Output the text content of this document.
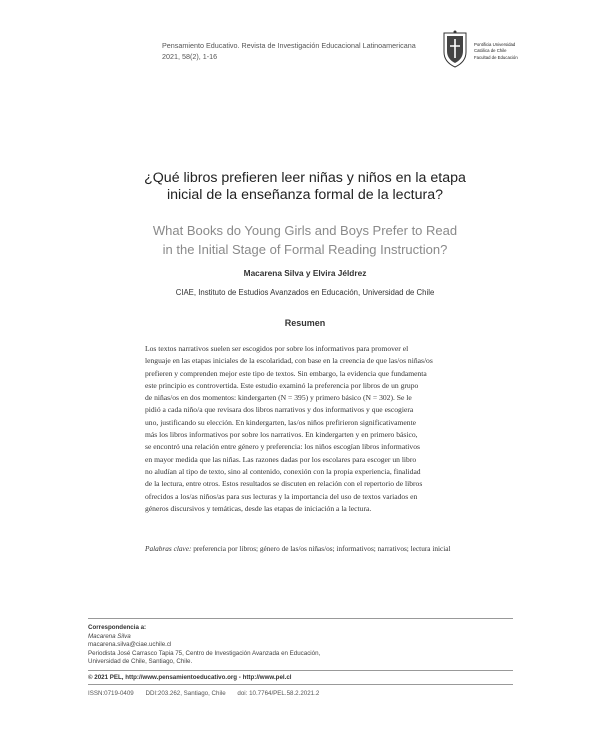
Pensamiento Educativo. Revista de Investigación Educacional Latinoamericana
2021, 58(2), 1-16
Pontificia Universidad
Católica de Chile
Facultad de Educación
¿Qué libros prefieren leer niñas y niños en la etapa
inicial de la enseñanza formal de la lectura?
What Books do Young Girls and Boys Prefer to Read
in the Initial Stage of Formal Reading Instruction?
Macarena Silva y Elvira Jéldrez
CIAE, Instituto de Estudios Avanzados en Educación, Universidad de Chile
Resumen
Los textos narrativos suelen ser escogidos por sobre los informativos para promover el
lenguaje en las etapas iniciales de la escolaridad, con base en la creencia de que las/os niñas/os
prefieren y comprenden mejor este tipo de textos. Sin embargo, la evidencia que fundamenta
este principio es controvertida. Este estudio examinó la preferencia por libros de un grupo
de niñas/os en dos momentos: kindergarten (N = 395) y primero básico (N = 302). Se le
pidió a cada niño/a que revisara dos libros narrativos y dos informativos y que escogiera
uno, justificando su elección. En kindergarten, las/os niños prefirieron significativamente
más los libros informativos por sobre los narrativos. En kindergarten y en primero básico,
se encontró una relación entre género y preferencia: los niños escogían libros informativos
en mayor medida que las niñas. Las razones dadas por los escolares para escoger un libro
no aludían al tipo de texto, sino al contenido, conexión con la propia experiencia, finalidad
de la lectura, entre otros. Estos resultados se discuten en relación con el repertorio de libros
ofrecidos a los/as niños/as para sus lecturas y la importancia del uso de textos variados en
géneros discursivos y temáticas, desde las etapas de iniciación a la lectura.
Palabras clave: preferencia por libros; género de las/os niñas/os; informativos; narrativos; lectura inicial
Correspondencia a:
Macarena Silva
macarena.silva@ciae.uchile.cl
Periodista José Carrasco Tapia 75, Centro de Investigación Avanzada en Educación,
Universidad de Chile, Santiago, Chile.
© 2021 PEL, http://www.pensamientoeducativo.org - http://www.pel.cl
ISSN:0719-0409 DDI:203.262, Santiago, Chile doi: 10.7764/PEL.58.2.2021.2
